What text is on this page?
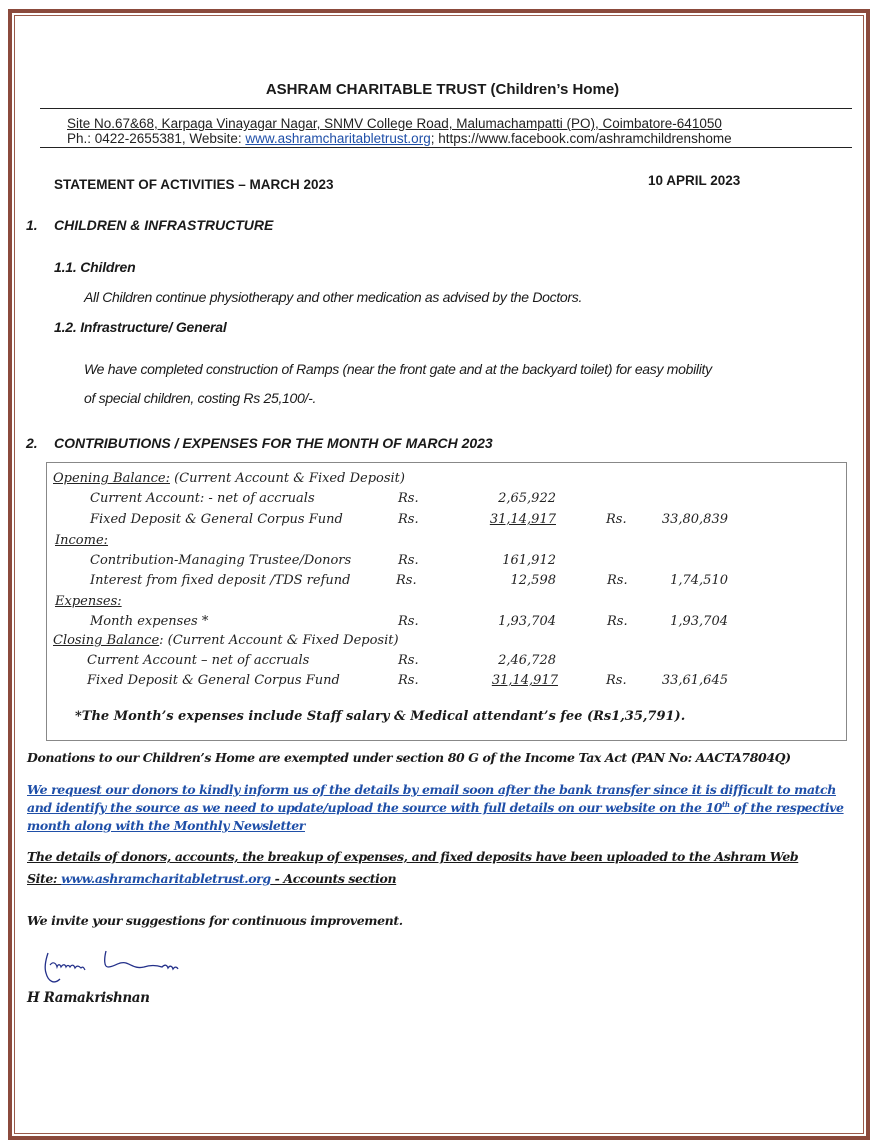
ASHRAM CHARITABLE TRUST (Children’s Home)
Site No.67&68, Karpaga Vinayagar Nagar, SNMV College Road, Malumachampatti (PO), Coimbatore-641050
Ph.: 0422-2655381, Website: www.ashramcharitabletrust.org; https://www.facebook.com/ashramchildrenshome
STATEMENT OF ACTIVITIES – MARCH 2023	10 APRIL 2023
1. CHILDREN & INFRASTRUCTURE
1.1. Children
All Children continue physiotherapy and other medication as advised by the Doctors.
1.2. Infrastructure/ General
We have completed construction of Ramps (near the front gate and at the backyard toilet) for easy mobility
of special children, costing Rs 25,100/-.
2. CONTRIBUTIONS / EXPENSES FOR THE MONTH OF MARCH 2023
Opening Balance: (Current Account & Fixed Deposit)
Current Account: - net of accruals	Rs.	2,65,922
Fixed Deposit & General Corpus Fund	Rs.	31,14,917	Rs.	33,80,839
Income:
Contribution-Managing Trustee/Donors	Rs.	161,912
Interest from fixed deposit /TDS refund	Rs.	12,598	Rs.	1,74,510
Expenses:
Month expenses *	Rs.	1,93,704	Rs.	1,93,704
Closing Balance: (Current Account & Fixed Deposit)
Current Account – net of accruals	Rs.	2,46,728
Fixed Deposit & General Corpus Fund	Rs.	31,14,917	Rs.	33,61,645
*The Month’s expenses include Staff salary & Medical attendant’s fee (Rs1,35,791).
Donations to our Children’s Home are exempted under section 80 G of the Income Tax Act (PAN No: AACTA7804Q)
We request our donors to kindly inform us of the details by email soon after the bank transfer since it is difficult to match
and identify the source as we need to update/upload the source with full details on our website on the 10th of the respective
month along with the Monthly Newsletter
The details of donors, accounts, the breakup of expenses, and fixed deposits have been uploaded to the Ashram Web
Site: www.ashramcharitabletrust.org - Accounts section
We invite your suggestions for continuous improvement.
H Ramakrishnan
